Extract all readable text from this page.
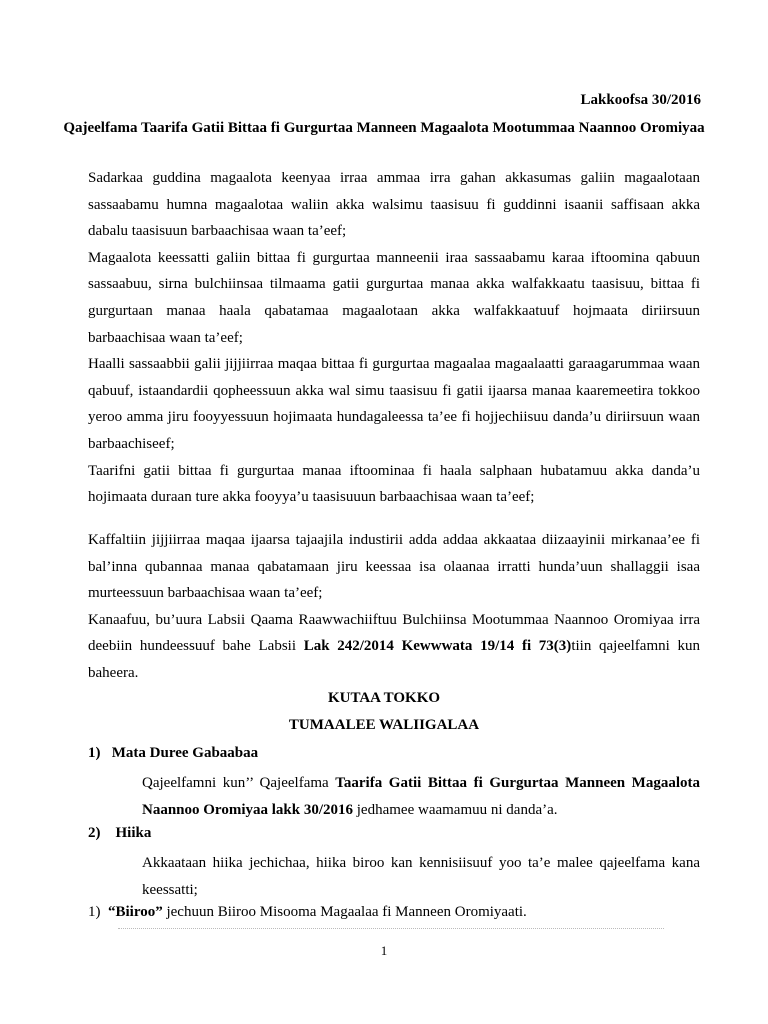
Lakkoofsa 30/2016
Qajeelfama Taarifa Gatii Bittaa fi Gurgurtaa Manneen Magaalota Mootummaa Naannoo Oromiyaa

Sadarkaa guddina magaalota keenyaa irraa ammaa irra gahan akkasumas galiin magaalotaan sassaabamu humna magaalotaa waliin akka walsimu taasisuu fi guddinni isaanii saffisaan akka dabalu taasisuun barbaachisaa waan ta’eef;

Magaalota keessatti galiin bittaa fi gurgurtaa manneenii iraa sassaabamu karaa iftoomina qabuun sassaabuu, sirna bulchiinsaa tilmaama gatii gurgurtaa manaa akka walfakkaatu taasisuu, bittaa fi gurgurtaan manaa haala qabatamaa magaalotaan akka walfakkaatuuf hojmaata diriirsuun barbaachisaa waan ta’eef;

Haalli sassaabbii galii jijjiirraa maqaa bittaa fi gurgurtaa magaalaa magaalaatti garaagarummaa waan qabuuf, istaandardii qopheessuun akka wal simu taasisuu fi gatii ijaarsa manaa kaaremeetira tokkoo yeroo amma jiru fooyyessuun hojimaata hundagaleessa ta’ee fi hojjechiisuu danda’u diriirsuun waan barbaachiseef;

Taarifni gatii bittaa fi gurgurtaa manaa iftoominaa fi haala salphaan hubatamuu akka danda’u hojimaata duraan ture akka fooyya’u taasisuuun barbaachisaa waan ta’eef;

Kaffaltiin jijjiirraa maqaa ijaarsa tajaajila industirii adda addaa akkaataa diizaayinii mirkanaa’ee fi bal’inna qubannaa manaa qabatamaan jiru keessaa isa olaanaa irratti hunda’uun shallaggii isaa murteessuun barbaachisaa waan ta’eef;

Kanaafuu, bu’uura Labsii Qaama Raawwachiiftuu Bulchiinsa Mootummaa Naannoo Oromiyaa irra deebiin hundeessuuf bahe Labsii Lak 242/2014 Kewwwata 19/14 fi 73(3)tiin qajeelfamni kun baheera.

KUTAA TOKKO
TUMAALEE WALIIGALAA
1) Mata Duree Gabaabaa
Qajeelfamni kun’’ Qajeelfama Taarifa Gatii Bittaa fi Gurgurtaa Manneen Magaalota Naannoo Oromiyaa lakk 30/2016 jedhamee waamamuu ni danda’a.
2) Hiika
Akkaataan hiika jechichaa, hiika biroo kan kennisiisuuf yoo ta’e malee qajeelfama kana keessatti;
1) “Biiroo” jechuun Biiroo Misooma Magaalaa fi Manneen Oromiyaati.
1
